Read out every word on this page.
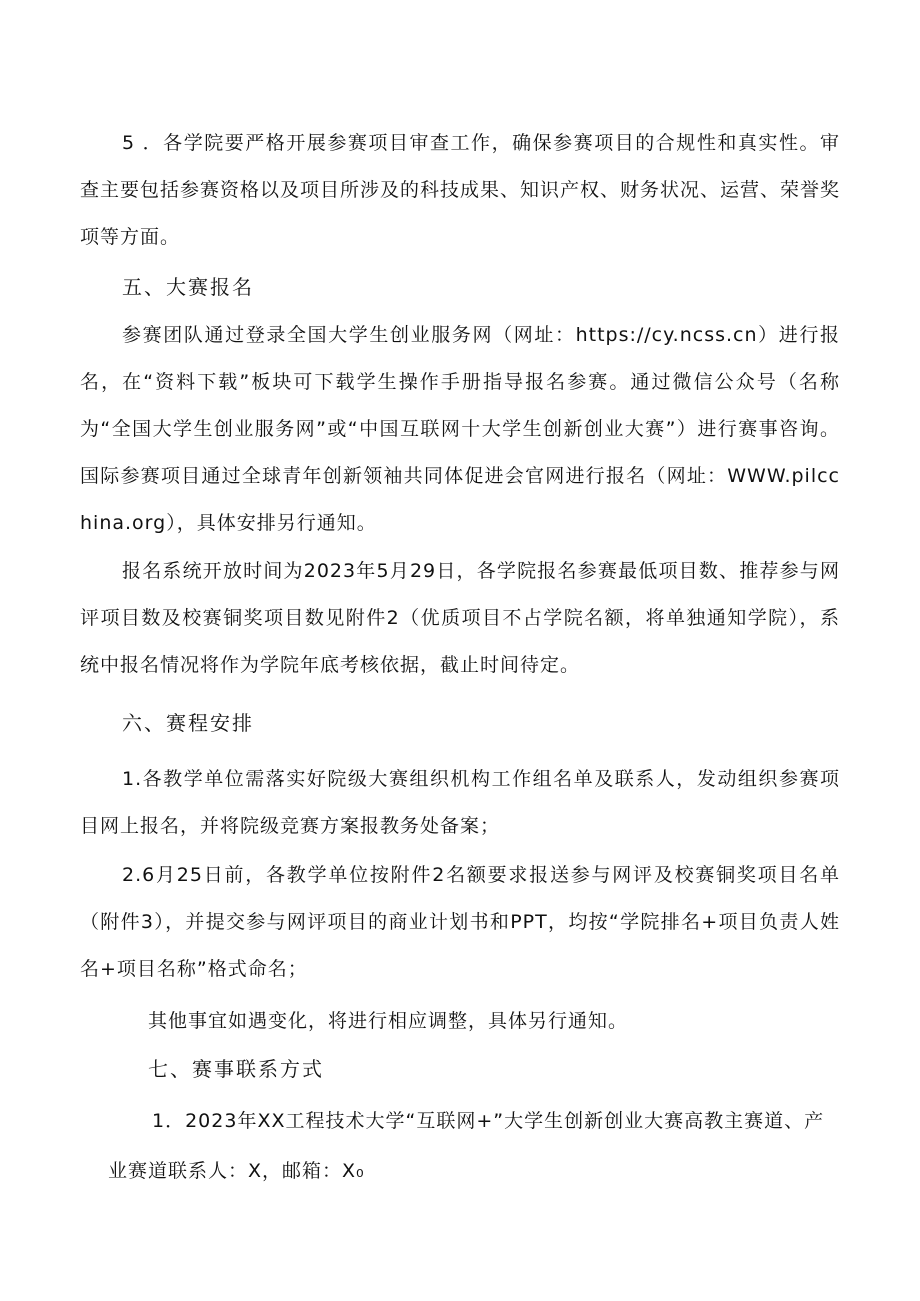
5 ．各学院要严格开展参赛项目审查工作，确保参赛项目的合规性和真实性。审查主要包括参赛资格以及项目所涉及的科技成果、知识产权、财务状况、运营、荣誉奖项等方面。

五、大赛报名

参赛团队通过登录全国大学生创业服务网（网址：https://cy.ncss.cn）进行报名，在“资料下载”板块可下载学生操作手册指导报名参赛。通过微信公众号（名称为“全国大学生创业服务网”或“中国互联网十大学生创新创业大赛”）进行赛事咨询。国际参赛项目通过全球青年创新领袖共同体促进会官网进行报名（网址：WWW.pilcchina.org），具体安排另行通知。

报名系统开放时间为2023年5月29日，各学院报名参赛最低项目数、推荐参与网评项目数及校赛铜奖项目数见附件2（优质项目不占学院名额，将单独通知学院），系统中报名情况将作为学院年底考核依据，截止时间待定。

六、赛程安排

1.各教学单位需落实好院级大赛组织机构工作组名单及联系人，发动组织参赛项目网上报名，并将院级竞赛方案报教务处备案；

2.6月25日前，各教学单位按附件2名额要求报送参与网评及校赛铜奖项目名单（附件3），并提交参与网评项目的商业计划书和PPT，均按“学院排名+项目负责人姓名+项目名称”格式命名；

其他事宜如遇变化，将进行相应调整，具体另行通知。

七、赛事联系方式

1．2023年XX工程技术大学“互联网+”大学生创新创业大赛高教主赛道、产

业赛道联系人：X，邮箱：X₀
